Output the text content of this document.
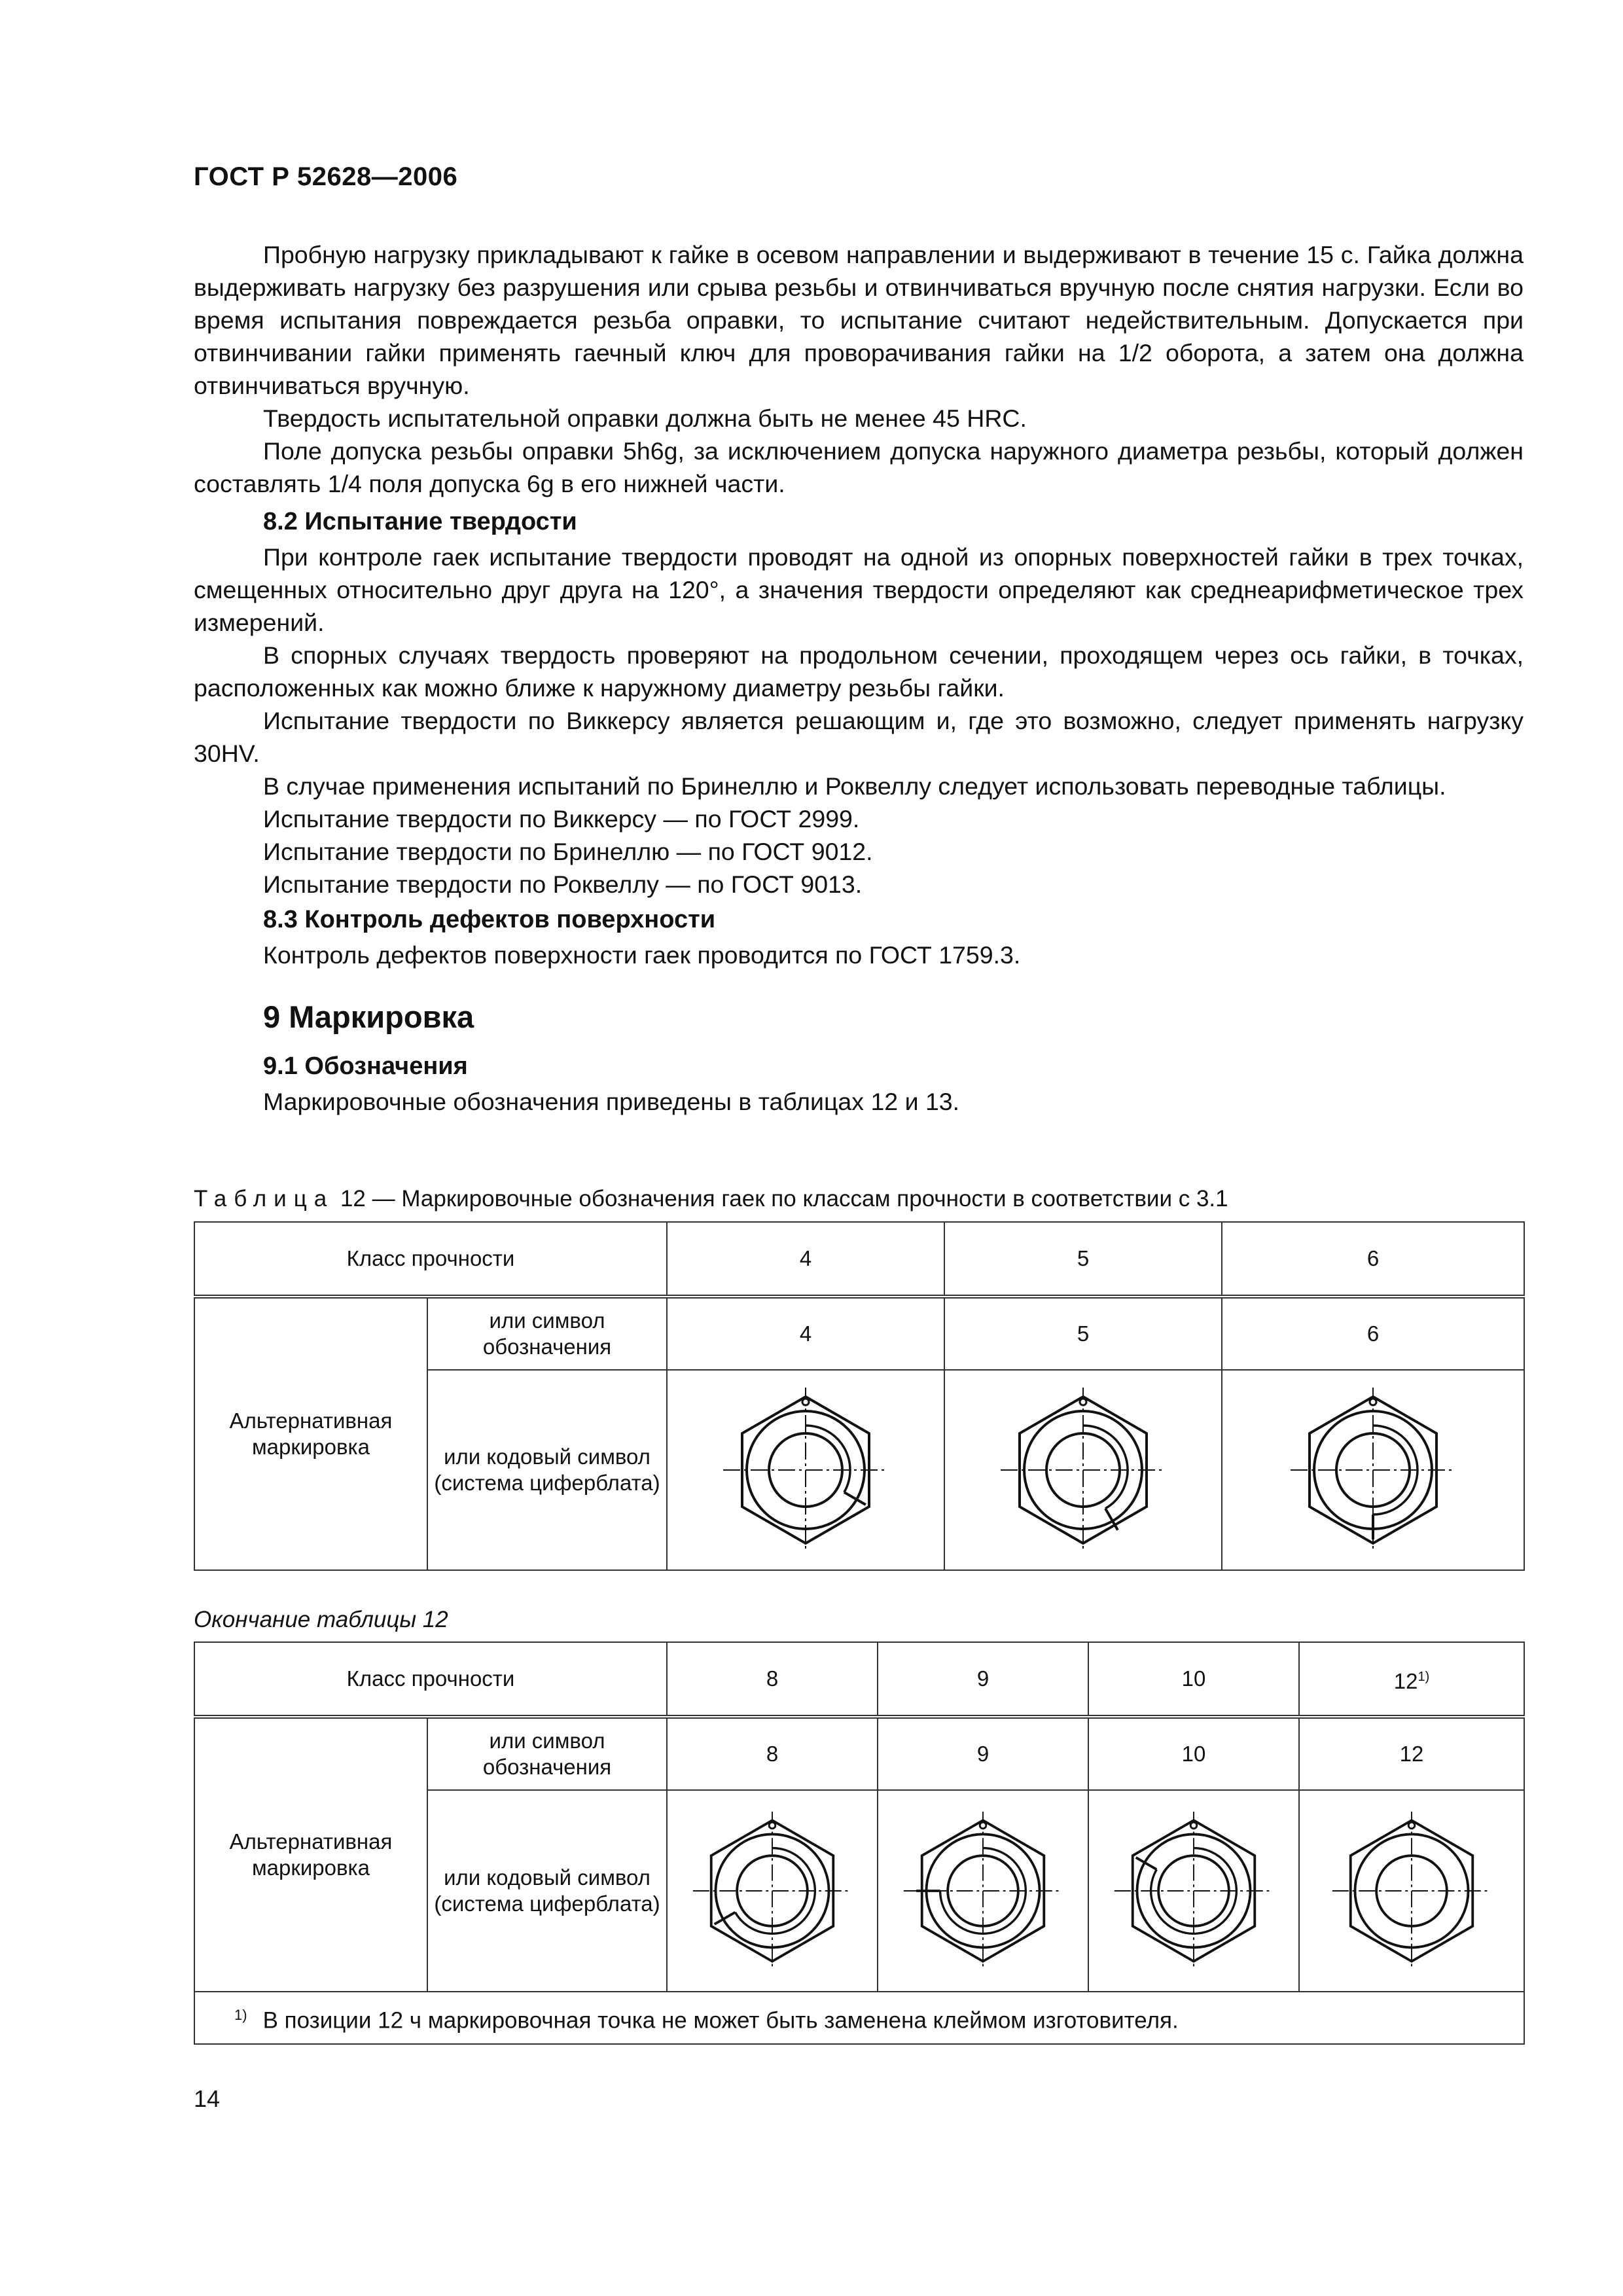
ГОСТ Р 52628—2006

Пробную нагрузку прикладывают к гайке в осевом направлении и выдерживают в течение 15 с. Гайка должна выдерживать нагрузку без разрушения или срыва резьбы и отвинчиваться вручную после снятия нагрузки. Если во время испытания повреждается резьба оправки, то испытание считают недействительным. Допускается при отвинчивании гайки применять гаечный ключ для проворачивания гайки на 1/2 оборота, а затем она должна отвинчиваться вручную.

Твердость испытательной оправки должна быть не менее 45 HRC.

Поле допуска резьбы оправки 5h6g, за исключением допуска наружного диаметра резьбы, который должен составлять 1/4 поля допуска 6g в его нижней части.

8.2 Испытание твердости

При контроле гаек испытание твердости проводят на одной из опорных поверхностей гайки в трех точках, смещенных относительно друг друга на 120°, а значения твердости определяют как среднеарифметическое трех измерений.

В спорных случаях твердость проверяют на продольном сечении, проходящем через ось гайки, в точках, расположенных как можно ближе к наружному диаметру резьбы гайки.

Испытание твердости по Виккерсу является решающим и, где это возможно, следует применять нагрузку 30HV.

В случае применения испытаний по Бринеллю и Роквеллу следует использовать переводные таблицы.

Испытание твердости по Виккерсу — по ГОСТ 2999.

Испытание твердости по Бринеллю — по ГОСТ 9012.

Испытание твердости по Роквеллу — по ГОСТ 9013.

8.3 Контроль дефектов поверхности

Контроль дефектов поверхности гаек проводится по ГОСТ 1759.3.

9 Маркировка
9.1 Обозначения

Маркировочные обозначения приведены в таблицах 12 и 13.

Таблица 12 — Маркировочные обозначения гаек по классам прочности в соответствии с 3.1
Класс прочности		4	5	6
Альтернативная маркировка	или символ обозначения	4	5	6
	или кодовый символ (система циферблата)	

Окончание таблицы 12
Класс прочности		8	9	10	12$^{1)}$
Альтернативная маркировка	или символ обозначения	8	9	10	12
	или кодовый символ (система циферблата)	

$^{1)}$ В позиции 12 ч маркировочная точка не может быть заменена клеймом изготовителя.					
14
